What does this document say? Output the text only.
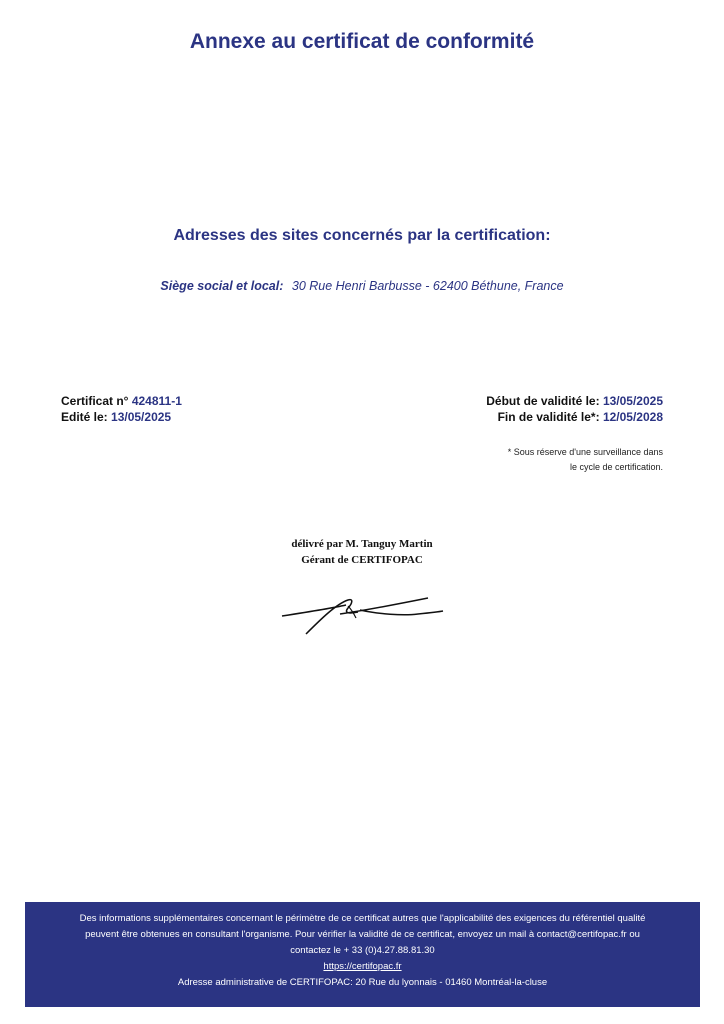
Annexe au certificat de conformité
Adresses des sites concernés par la certification:
Siège social et local: 30 Rue Henri Barbusse - 62400 Béthune, France
Certificat n° 424811-1
Edité le: 13/05/2025
Début de validité le: 13/05/2025
Fin de validité le*: 12/05/2028
* Sous réserve d'une surveillance dans
le cycle de certification.
délivré par M. Tanguy Martin
Gérant de CERTIFOPAC
Des informations supplémentaires concernant le périmètre de ce certificat autres que l'applicabilité des exigences du référentiel qualité
peuvent être obtenues en consultant l'organisme. Pour vérifier la validité de ce certificat, envoyez un mail à contact@certifopac.fr ou
contactez le + 33 (0)4.27.88.81.30
https://certifopac.fr
Adresse administrative de CERTIFOPAC: 20 Rue du lyonnais - 01460 Montréal-la-cluse
